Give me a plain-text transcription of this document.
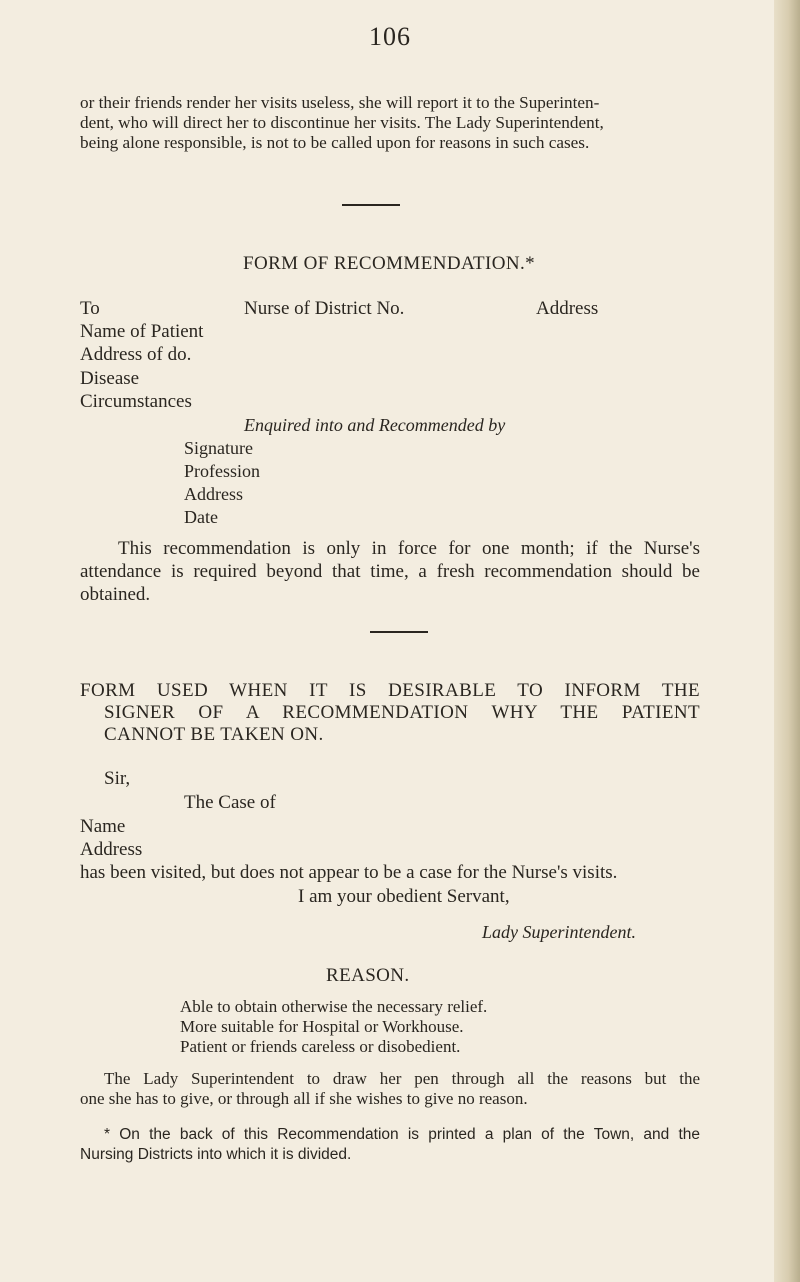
106
or their friends render her visits useless, she will report it to the Superinten-
dent, who will direct her to discontinue her visits. The Lady Superintendent,
being alone responsible, is not to be called upon for reasons in such cases.
FORM OF RECOMMENDATION.*
To	Nurse of District No.	Address
Name of Patient
Address of do.
Disease
Circumstances
Enquired into and Recommended by
Signature
Profession
Address
Date
This recommendation is only in force for one month; if the Nurse's
attendance is required beyond that time, a fresh recommendation should be
obtained.
FORM USED WHEN IT IS DESIRABLE TO INFORM THE
SIGNER OF A RECOMMENDATION WHY THE PATIENT
CANNOT BE TAKEN ON.
Sir,
The Case of
Name
Address
has been visited, but does not appear to be a case for the Nurse's visits.
I am your obedient Servant,
Lady Superintendent.
REASON.
Able to obtain otherwise the necessary relief.
More suitable for Hospital or Workhouse.
Patient or friends careless or disobedient.
The Lady Superintendent to draw her pen through all the reasons but the
one she has to give, or through all if she wishes to give no reason.
* On the back of this Recommendation is printed a plan of the Town, and the
Nursing Districts into which it is divided.
